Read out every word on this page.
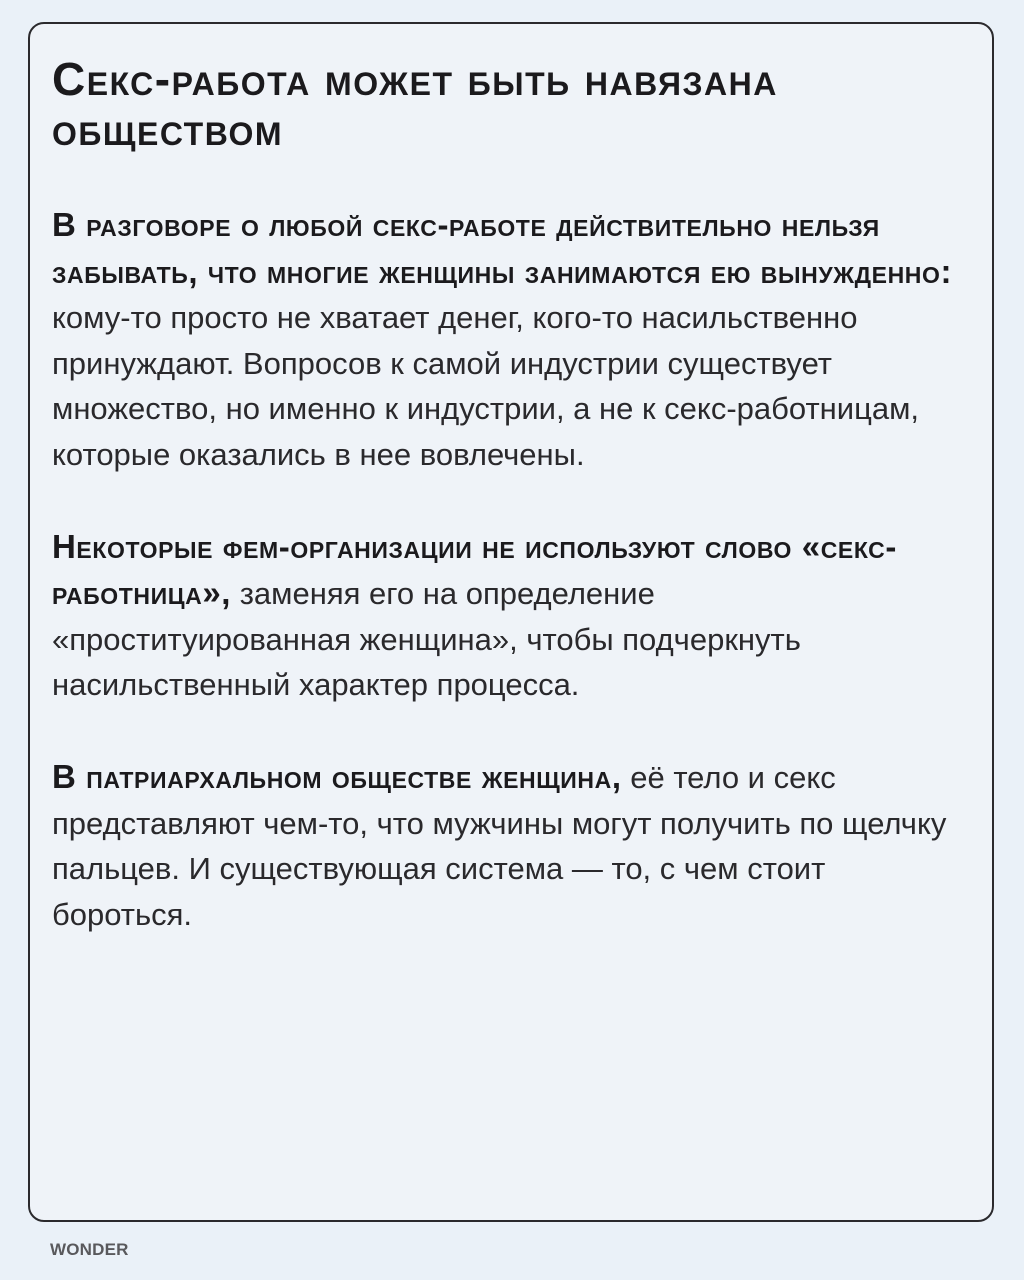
Секс-работа может быть навязана обществом

В разговоре о любой секс-работе действительно нельзя забывать, что многие женщины занимаются ею вынужденно: кому-то просто не хватает денег, кого-то насильственно принуждают. Вопросов к самой индустрии существует множество, но именно к индустрии, а не к секс-работницам, которые оказались в нее вовлечены.

Некоторые фем-организации не используют слово «секс-работница», заменяя его на определение «проституированная женщина», чтобы подчеркнуть насильственный характер процесса.

В патриархальном обществе женщина, её тело и секс представляют чем-то, что мужчины могут получить по щелчку пальцев. И существующая система — то, с чем стоит бороться.

WONDER
